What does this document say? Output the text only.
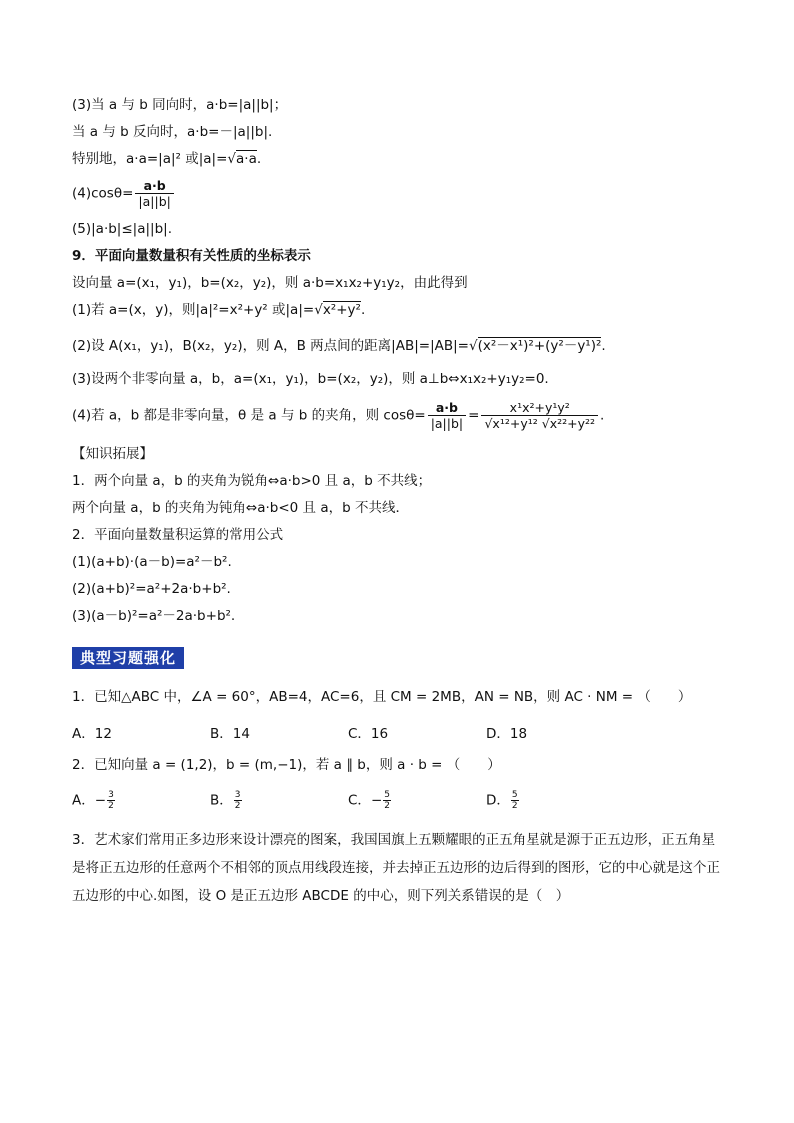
(3)当 a 与 b 同向时，a·b=|a||b|；
当 a 与 b 反向时，a·b=－|a||b|.
特别地，a·a=|a|² 或|a|=√a·a.
$(4)\cos\theta= \frac{a\cdot b}{|a||b|}$
(5)|a·b|≤|a||b|.
9．平面向量数量积有关性质的坐标表示
设向量 a=(x₁，y₁)，b=(x₂，y₂)，则 a·b=x₁x₂+y₁y₂，由此得到
(1)若 a=(x，y)，则|a|²=x²+y² 或|a|=√x²+y².
(2)设 A(x₁，y₁)，B(x₂，y₂)，则 A，B 两点间的距离|AB|=|AB|=√(x²－x¹)²+(y²－y¹)².
(3)设两个非零向量 a，b，a=(x₁，y₁)，b=(x₂，y₂)，则 a⊥b⇔x₁x₂+y₁y₂=0.
(4)若 a，b 都是非零向量，θ 是 a 与 b 的夹角，则 $\cos\theta= \frac{a\cdot b}{|a||b|} = \frac{\text{x¹x²+y¹y²}}{\text{√x¹²+y¹² √x²²+y²²}}$ .
【知识拓展】
1．两个向量 a，b 的夹角为锐角⇔a·b>0 且 a，b 不共线；
两个向量 a，b 的夹角为钝角⇔a·b<0 且 a，b 不共线．
2．平面向量数量积运算的常用公式
(1)(a+b)·(a－b)=a²－b².
(2)(a+b)²=a²+2a·b+b².
(3)(a－b)²=a²－2a·b+b².
典型习题强化
1．已知△ABC 中，∠A = 60°，AB=4，AC=6，且 CM = 2MB，AN = NB，则 AC · NM = （　　）
A．12	B．14	C．16	D．18
2．已知向量 a = (1,2)，b = (m,−1)，若 a ∥ b，则 a · b = （　　）
A．− $\frac{3}{2}$	B． $\frac{3}{2}$	C．− $\frac{5}{2}$	D． $\frac{5}{2}$
3．艺术家们常用正多边形来设计漂亮的图案，我国国旗上五颗耀眼的正五角星就是源于正五边形，正五角星是将正五边形的任意两个不相邻的顶点用线段连接，并去掉正五边形的边后得到的图形，它的中心就是这个正五边形的中心.如图，设 O 是正五边形 ABCDE 的中心，则下列关系错误的是（　）
